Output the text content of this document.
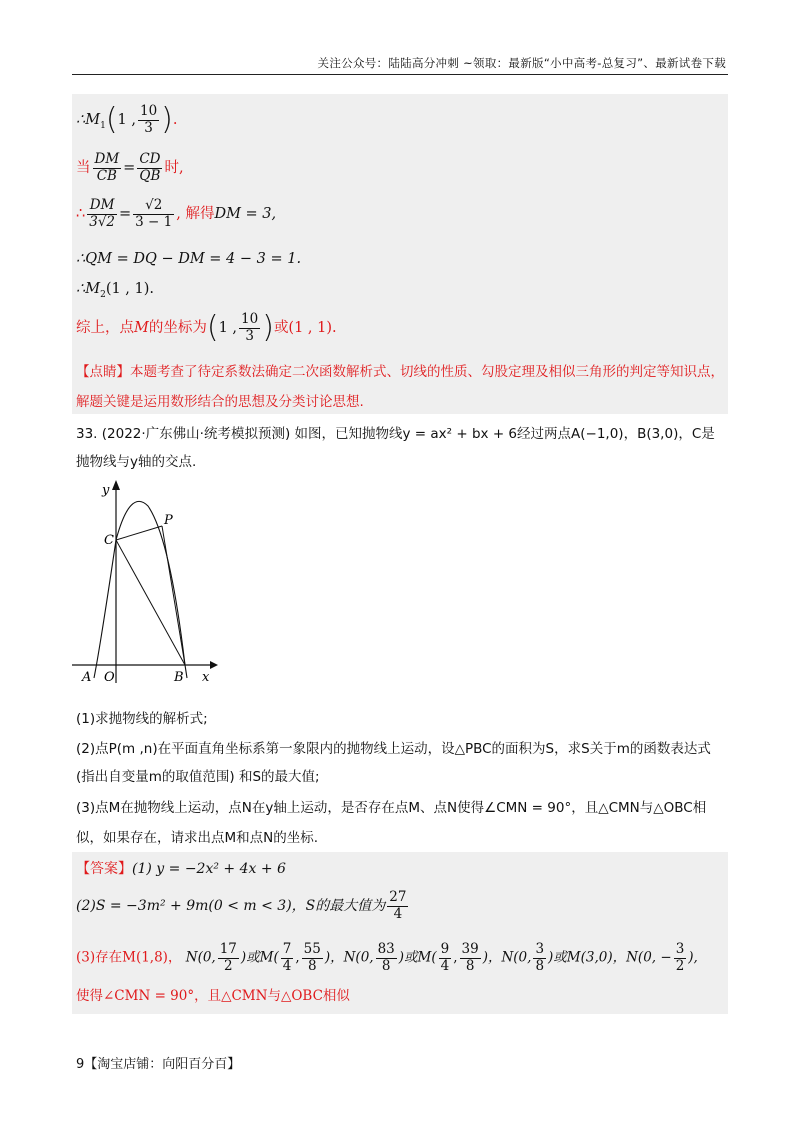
关注公众号：陆陆高分冲刺 ~领取：最新版“小中高考-总复习”、最新试卷下载
$\therefore M_1(1$ , $\frac{10}{3}$ ).
当 $\frac{DM}{CB} = \frac{CD}{QB}$ 时,
∴ $\frac{DM}{3√2} = \frac{√2}{3 - 1}$ , 解得DM = 3,
∴QM = DQ − DM = 4 − 3 = 1.
$\therefore M_2(1$ , 1).
综上，点M的坐标为(1 , $\frac{10}{3}$ )或(1 , 1).
【点睛】本题考查了待定系数法确定二次函数解析式、切线的性质、勾股定理及相似三角形的判定等知识点，解题关键是运用数形结合的思想及分类讨论思想.
33. (2022·广东佛山·统考模拟预测) 如图，已知抛物线y = ax² + bx + 6经过两点A(−1,0)，B(3,0)，C是抛物线与y轴的交点.
y
x
C
P
A O	B
(1)求抛物线的解析式;
(2)点P(m ,n)在平面直角坐标系第一象限内的抛物线上运动，设△PBC的面积为S，求S关于m的函数表达式 (指出自变量m的取值范围) 和S的最大值;
(3)点M在抛物线上运动，点N在y轴上运动，是否存在点M、点N使得∠CMN = 90°，且△CMN与△OBC相似，如果存在，请求出点M和点N的坐标.
【答案】(1) y = −2x² + 4x + 6
(2)S = −3m² + 9m(0 < m < 3)，S的最大值为 $\frac{27}{4}$
(3)存在M(1,8)， N(0, $\frac{17}{2}$ )或$M( \frac{7}{4}$ , $\frac{55}{8}$ )，N(0, $\frac{83}{8}$ )或$M( \frac{9}{4}$ , $\frac{39}{8}$ )，N(0, $\frac{3}{8}$ )或M(3,0)，N(0, − $\frac{3}{2}$ ),
使得∠CMN = 90°，且△CMN与△OBC相似
9【淘宝店铺：向阳百分百】
